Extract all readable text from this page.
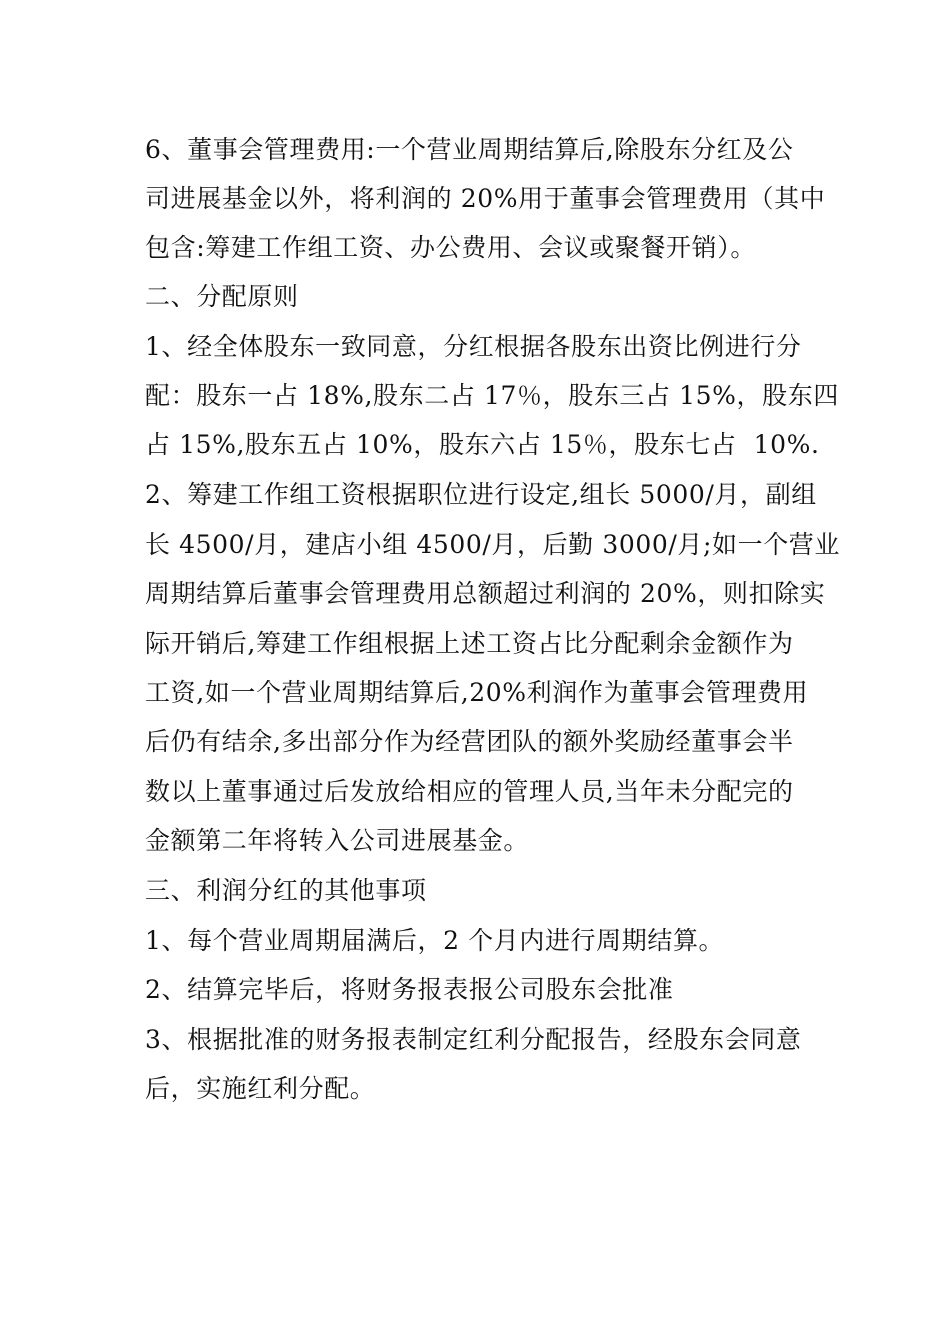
6、董事会管理费用:一个营业周期结算后,除股东分红及公
司进展基金以外，将利润的 20%用于董事会管理费用（其中
包含:筹建工作组工资、办公费用、会议或聚餐开销）。
二、分配原则
1、经全体股东一致同意，分红根据各股东出资比例进行分
配：股东一占 18%,股东二占 17％，股东三占 15%，股东四
占 15%,股东五占 10%，股东六占 15％，股东七占  10%.
2、筹建工作组工资根据职位进行设定,组长 5000/月，副组
长 4500/月，建店小组 4500/月，后勤 3000/月;如一个营业
周期结算后董事会管理费用总额超过利润的 20%，则扣除实
际开销后,筹建工作组根据上述工资占比分配剩余金额作为
工资,如一个营业周期结算后,20%利润作为董事会管理费用
后仍有结余,多出部分作为经营团队的额外奖励经董事会半
数以上董事通过后发放给相应的管理人员,当年未分配完的
金额第二年将转入公司进展基金。
三、利润分红的其他事项
1、每个营业周期届满后，2 个月内进行周期结算。
2、结算完毕后，将财务报表报公司股东会批准
3、根据批准的财务报表制定红利分配报告，经股东会同意
后，实施红利分配。
